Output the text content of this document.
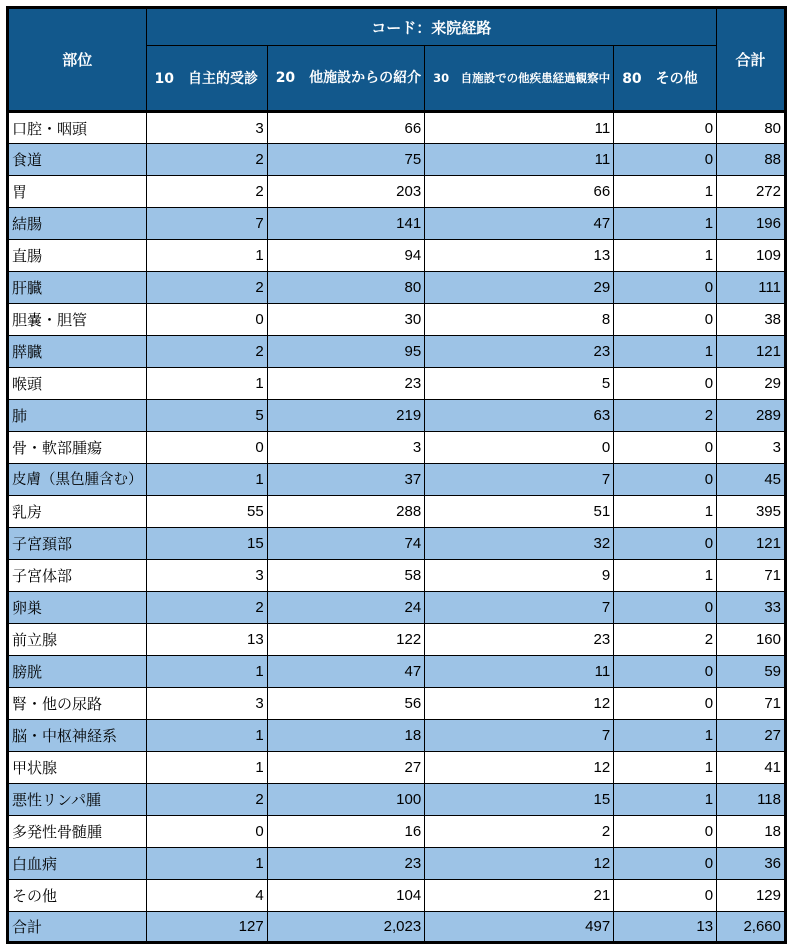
部位	コード：来院経路				合計
	10　自主的受診	20　他施設からの紹介	30　自施設での他疾患経過観察中	80　その他	
口腔・咽頭	3	66	11	0	80
食道	2	75	11	0	88
胃	2	203	66	1	272
結腸	7	141	47	1	196
直腸	1	94	13	1	109
肝臓	2	80	29	0	111
胆嚢・胆管	0	30	8	0	38
膵臓	2	95	23	1	121
喉頭	1	23	5	0	29
肺	5	219	63	2	289
骨・軟部腫瘍	0	3	0	0	3
皮膚（黒色腫含む）	1	37	7	0	45
乳房	55	288	51	1	395
子宮頚部	15	74	32	0	121
子宮体部	3	58	9	1	71
卵巣	2	24	7	0	33
前立腺	13	122	23	2	160
膀胱	1	47	11	0	59
腎・他の尿路	3	56	12	0	71
脳・中枢神経系	1	18	7	1	27
甲状腺	1	27	12	1	41
悪性リンパ腫	2	100	15	1	118
多発性骨髄腫	0	16	2	0	18
白血病	1	23	12	0	36
その他	4	104	21	0	129
合計	127	2,023	497	13	2,660
